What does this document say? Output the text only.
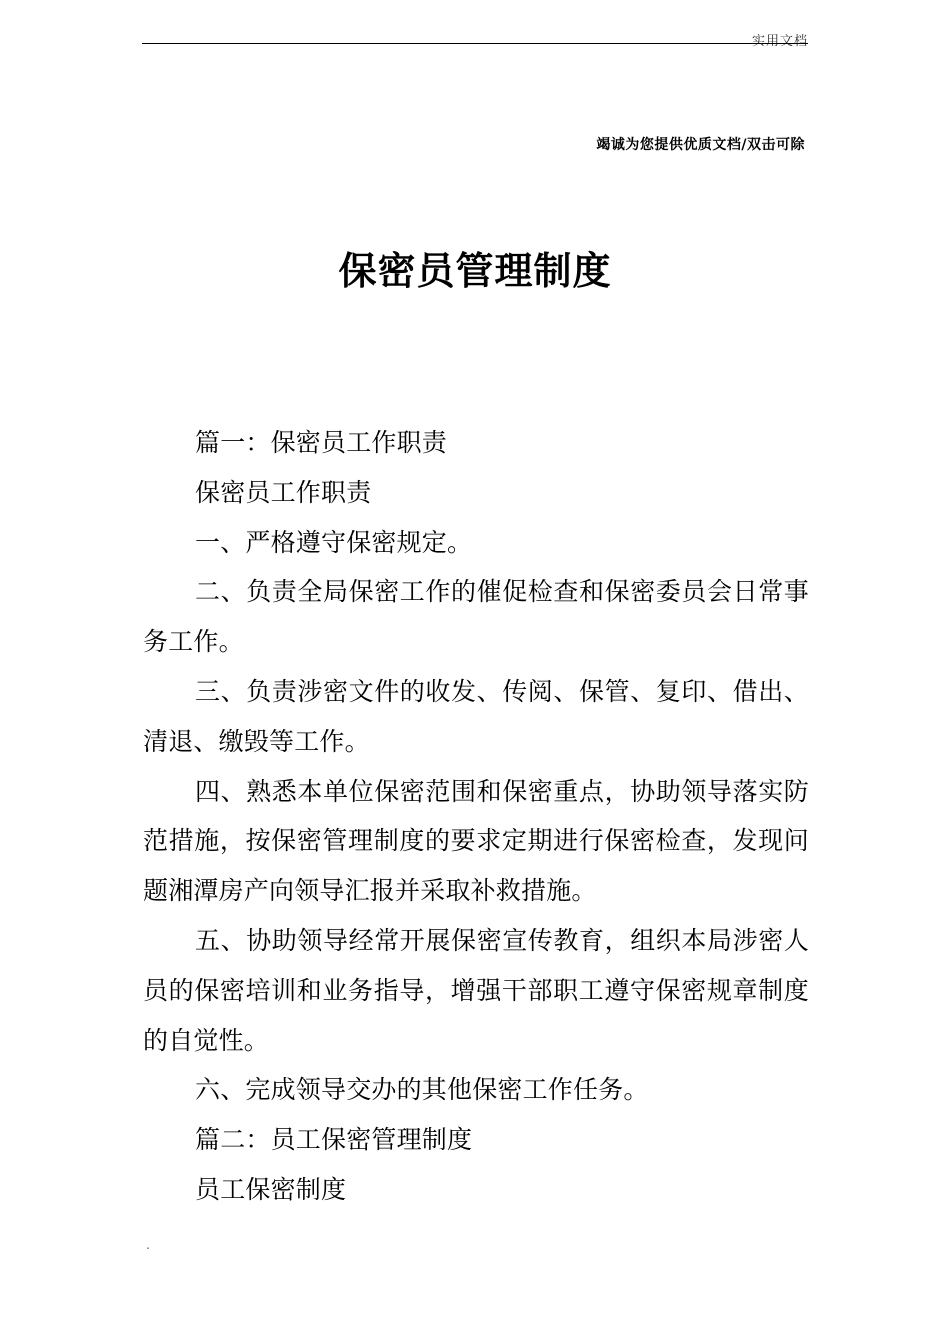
实用文档
竭诚为您提供优质文档/双击可除
保密员管理制度

篇一：保密员工作职责

保密员工作职责

一、严格遵守保密规定。

二、负责全局保密工作的催促检查和保密委员会日常事务工作。

三、负责涉密文件的收发、传阅、保管、复印、借出、清退、缴毁等工作。

四、熟悉本单位保密范围和保密重点，协助领导落实防范措施，按保密管理制度的要求定期进行保密检查，发现问题湘潭房产向领导汇报并采取补救措施。

五、协助领导经常开展保密宣传教育，组织本局涉密人员的保密培训和业务指导，增强干部职工遵守保密规章制度的自觉性。

六、完成领导交办的其他保密工作任务。

篇二：员工保密管理制度

员工保密制度

.
